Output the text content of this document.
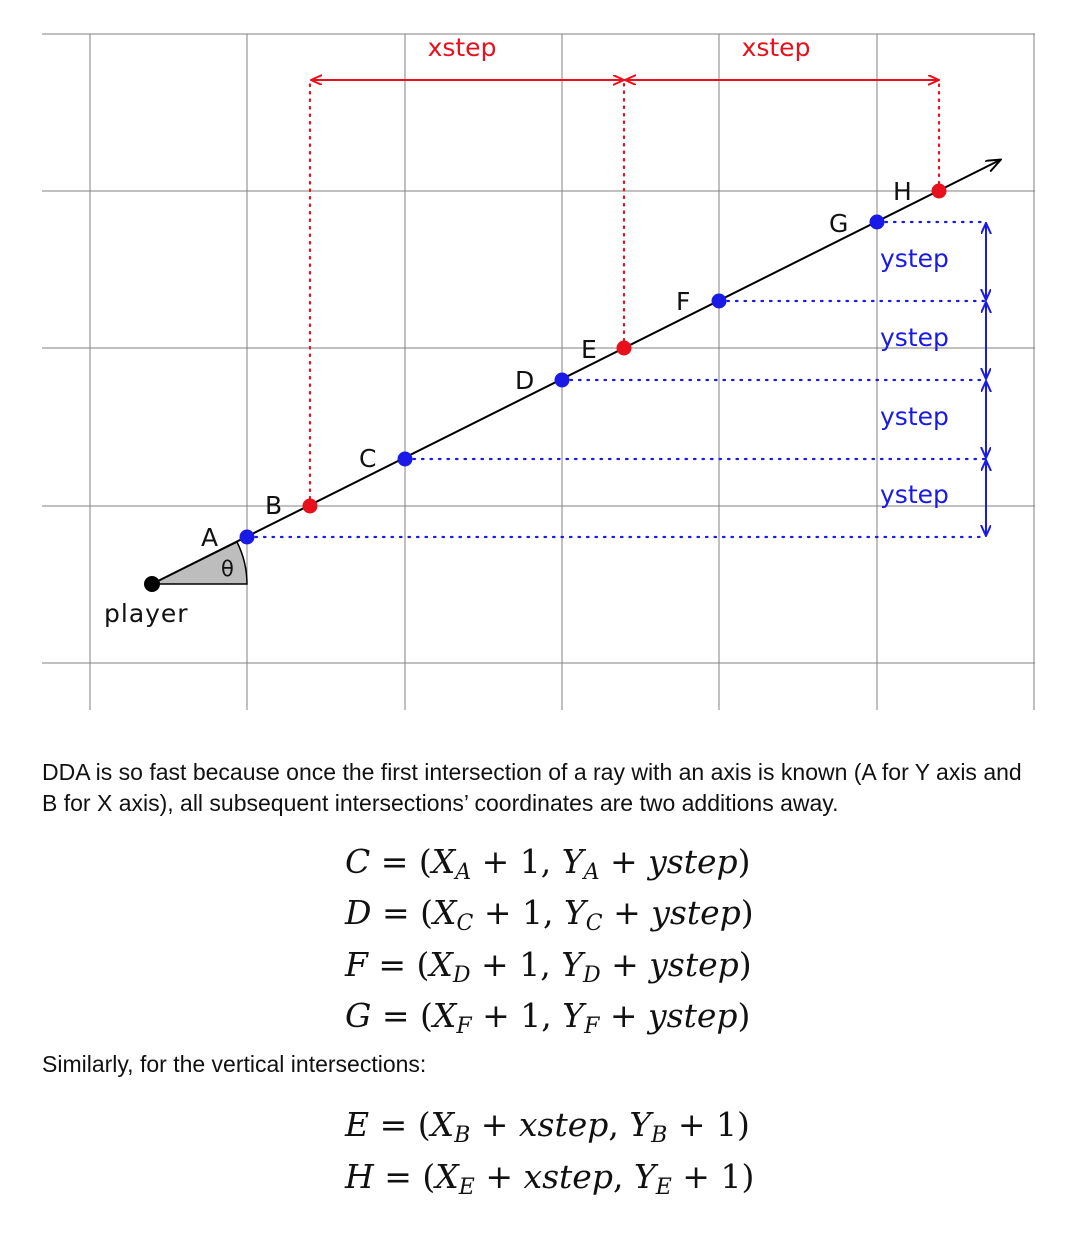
xstep	xstep
ystep
ystep
ystep
ystep
A
B
C
D
E
F
G
H
θ
player

DDA is so fast because once the first intersection of a ray with an axis is known (A for Y axis and B for X axis), all subsequent intersections’ coordinates are two additions away.

$C = (X_A + 1$, $Y_A$ + ystep)
$D = (X_C + 1$, $Y_C$ + ystep)
$F = (X_D + 1$, $Y_D$ + ystep)
$G = (X_F + 1$, $Y_F$ + ystep)

Similarly, for the vertical intersections:

$E = (X_B$ + xstep, $Y_B + 1$)
$H = (X_E$ + xstep, $Y_E + 1$)
